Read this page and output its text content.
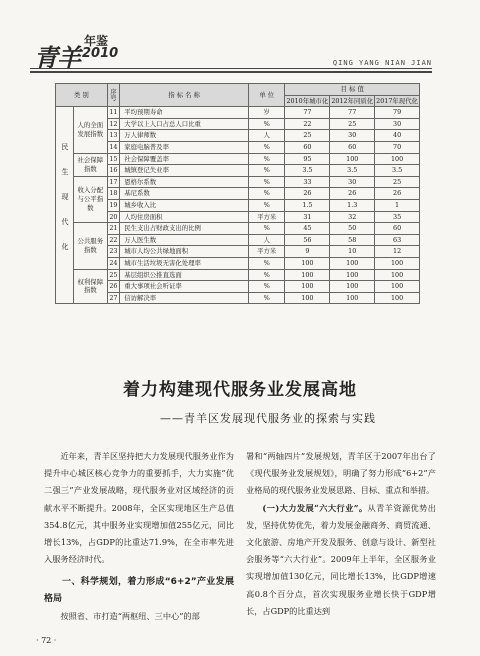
青羊
年鉴
2010
QING YANG NIAN JIAN
类 别		序号	指 标 名 称	单 位	目 标 值		
					2010年城市化	2012年同质化	2017年现代化
民生现代化	人的全面发展指数	11	平均预期寿命	岁	77	77	79
		12	大学以上人口占总人口比重	%	22	25	30
		13	万人律师数	人	25	30	40
		14	家庭电脑普及率	%	60	60	70
	社会保障指数	15	社会保障覆盖率	%	95	100	100
		16	城镇登记失业率	%	3.5	3.5	3.5
	收入分配与公平指数	17	恩格尔系数	%	33	30	25
		18	基尼系数	%	26	26	26
		19	城乡收入比	%	1.5	1.3	1
		20	人均住房面积	平方米	31	32	35
	公共服务指数	21	民生支出占财政支出的比例	%	45	50	60
		22	万人医生数	人	56	58	63
		23	城市人均公共绿地面积	平方米	9	10	12
		24	城市生活垃圾无害化处理率	%	100	100	100
	权利保障指数	25	基层组织公推直选面	%	100	100	100
		26	重大事项社会听证率	%	100	100	100
		27	信访解决率	%	100	100	100
着力构建现代服务业发展高地
——青羊区发展现代服务业的探索与实践

近年来，青羊区坚持把大力发展现代服务业作为提升中心城区核心竞争力的重要抓手，大力实施“优二强三”产业发展战略，现代服务业对区域经济的贡献水平不断提升。2008年，全区实现地区生产总值354.8亿元，其中服务业实现增加值255亿元，同比增长13%，占GDP的比重达71.9%，在全市率先进入服务经济时代。

一、科学规划，着力形成“6+2”产业发展格局

按照省、市打造“两枢纽、三中心”的部

署和“两轴四片”发展规划，青羊区于2007年出台了《现代服务业发展规划》，明确了努力形成“6+2”产业格局的现代服务业发展思路、目标、重点和举措。

(一)大力发展“六大行业”。从青羊资源优势出发，坚持优势优先，着力发展金融商务、商贸流通、文化旅游、房地产开发及服务、创意与设计、新型社会服务等“六大行业”。2009年上半年，全区服务业实现增加值130亿元，同比增长13%，比GDP增速高0.8个百分点，首次实现服务业增长快于GDP增长，占GDP的比重达到

· 72 ·
